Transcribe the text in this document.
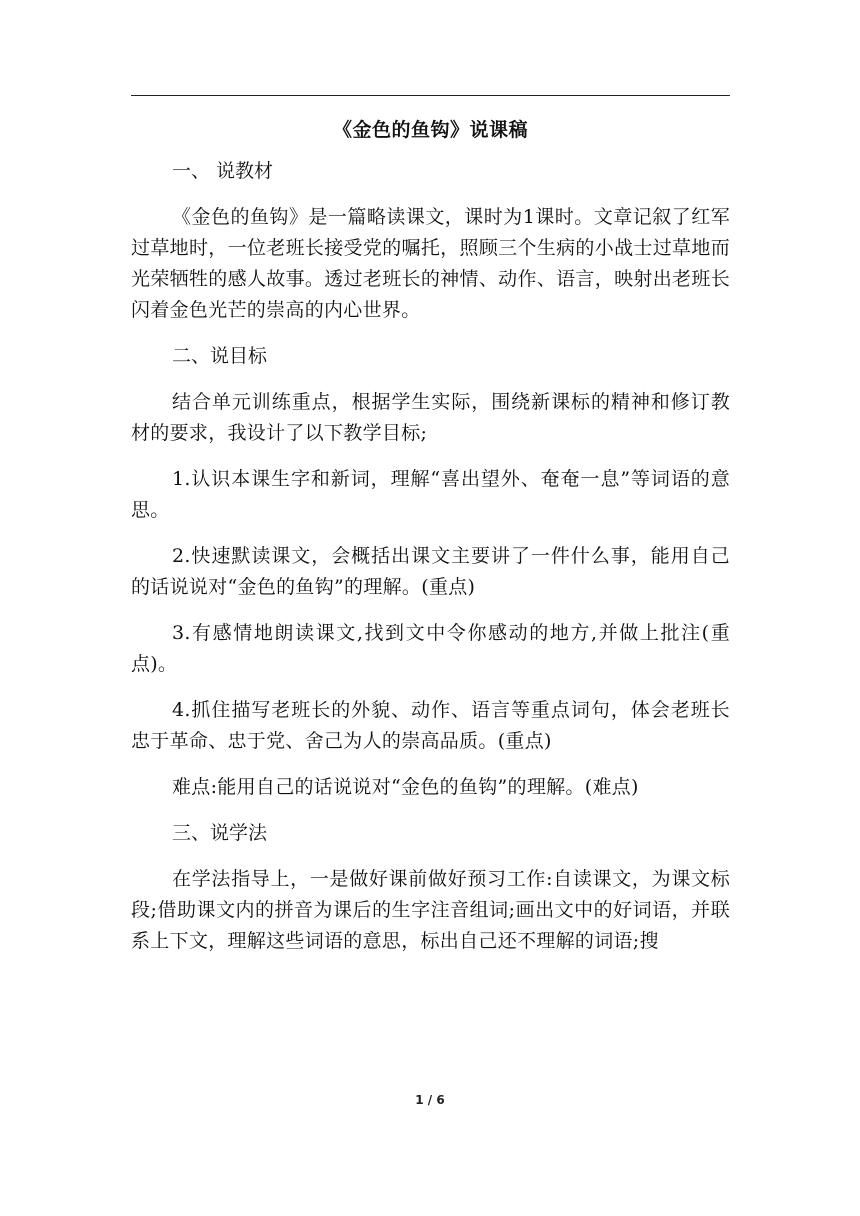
《金色的鱼钩》说课稿

一、 说教材

《金色的鱼钩》是一篇略读课文，课时为1课时。文章记叙了红军过草地时，一位老班长接受党的嘱托，照顾三个生病的小战士过草地而光荣牺牲的感人故事。透过老班长的神情、动作、语言，映射出老班长闪着金色光芒的崇高的内心世界。

二、说目标

结合单元训练重点，根据学生实际，围绕新课标的精神和修订教材的要求，我设计了以下教学目标;

1.认识本课生字和新词，理解“喜出望外、奄奄一息”等词语的意思。

2.快速默读课文，会概括出课文主要讲了一件什么事，能用自己的话说说对“金色的鱼钩”的理解。(重点)

3.有感情地朗读课文,找到文中令你感动的地方,并做上批注(重点)。

4.抓住描写老班长的外貌、动作、语言等重点词句，体会老班长忠于革命、忠于党、舍己为人的崇高品质。(重点)

难点:能用自己的话说说对“金色的鱼钩”的理解。(难点)

三、说学法

在学法指导上，一是做好课前做好预习工作:自读课文，为课文标段;借助课文内的拼音为课后的生字注音组词;画出文中的好词语，并联系上下文，理解这些词语的意思，标出自己还不理解的词语;搜

1 / 6
